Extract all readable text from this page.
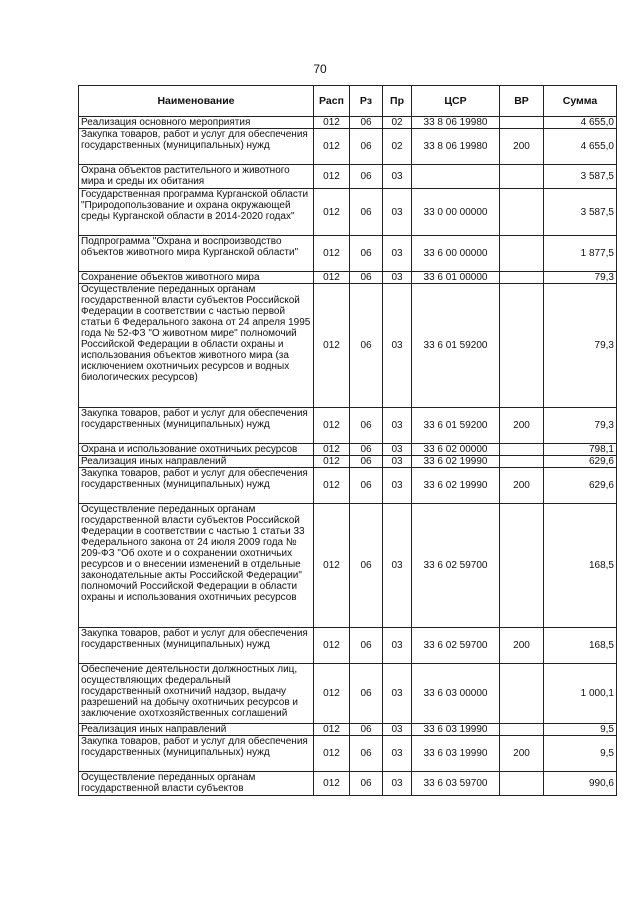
70
Наименование	Расп	Рз	Пр	ЦСР	ВР	Сумма
Реализация основного мероприятия	012	06	02	33 8 06 19980		4 655,0
Закупка товаров, работ и услуг для обеспечения государственных (муниципальных) нужд	012	06	02	33 8 06 19980	200	4 655,0
Охрана объектов растительного и животного мира и среды их обитания	012	06	03			3 587,5
Государственная программа Курганской области "Природопользование и охрана окружающей среды Курганской области в 2014-2020 годах"	012	06	03	33 0 00 00000		3 587,5
Подпрограмма "Охрана и воспроизводство объектов животного мира Курганской области"	012	06	03	33 6 00 00000		1 877,5
Сохранение объектов животного мира	012	06	03	33 6 01 00000		79,3
Осуществление переданных органам государственной власти субъектов Российской Федерации в соответствии с частью первой статьи 6 Федерального закона от 24 апреля 1995 года № 52-ФЗ "О животном мире" полномочий Российской Федерации в области охраны и использования объектов животного мира (за исключением охотничьих ресурсов и водных биологических ресурсов)	012	06	03	33 6 01 59200		79,3
Закупка товаров, работ и услуг для обеспечения государственных (муниципальных) нужд	012	06	03	33 6 01 59200	200	79,3
Охрана и использование охотничьих ресурсов	012	06	03	33 6 02 00000		798,1
Реализация иных направлений	012	06	03	33 6 02 19990		629,6
Закупка товаров, работ и услуг для обеспечения государственных (муниципальных) нужд	012	06	03	33 6 02 19990	200	629,6
Осуществление переданных органам государственной власти субъектов Российской Федерации в соответствии с частью 1 статьи 33 Федерального закона от 24 июля 2009 года № 209-ФЗ "Об охоте и о сохранении охотничьих ресурсов и о внесении изменений в отдельные законодательные акты Российской Федерации" полномочий Российской Федерации в области охраны и использования охотничьих ресурсов	012	06	03	33 6 02 59700		168,5
Закупка товаров, работ и услуг для обеспечения государственных (муниципальных) нужд	012	06	03	33 6 02 59700	200	168,5
Обеспечение деятельности должностных лиц, осуществляющих федеральный государственный охотничий надзор, выдачу разрешений на добычу охотничьих ресурсов и заключение охотхозяйственных соглашений	012	06	03	33 6 03 00000		1 000,1
Реализация иных направлений	012	06	03	33 6 03 19990		9,5
Закупка товаров, работ и услуг для обеспечения государственных (муниципальных) нужд	012	06	03	33 6 03 19990	200	9,5
Осуществление переданных органам государственной власти субъектов	012	06	03	33 6 03 59700		990,6
